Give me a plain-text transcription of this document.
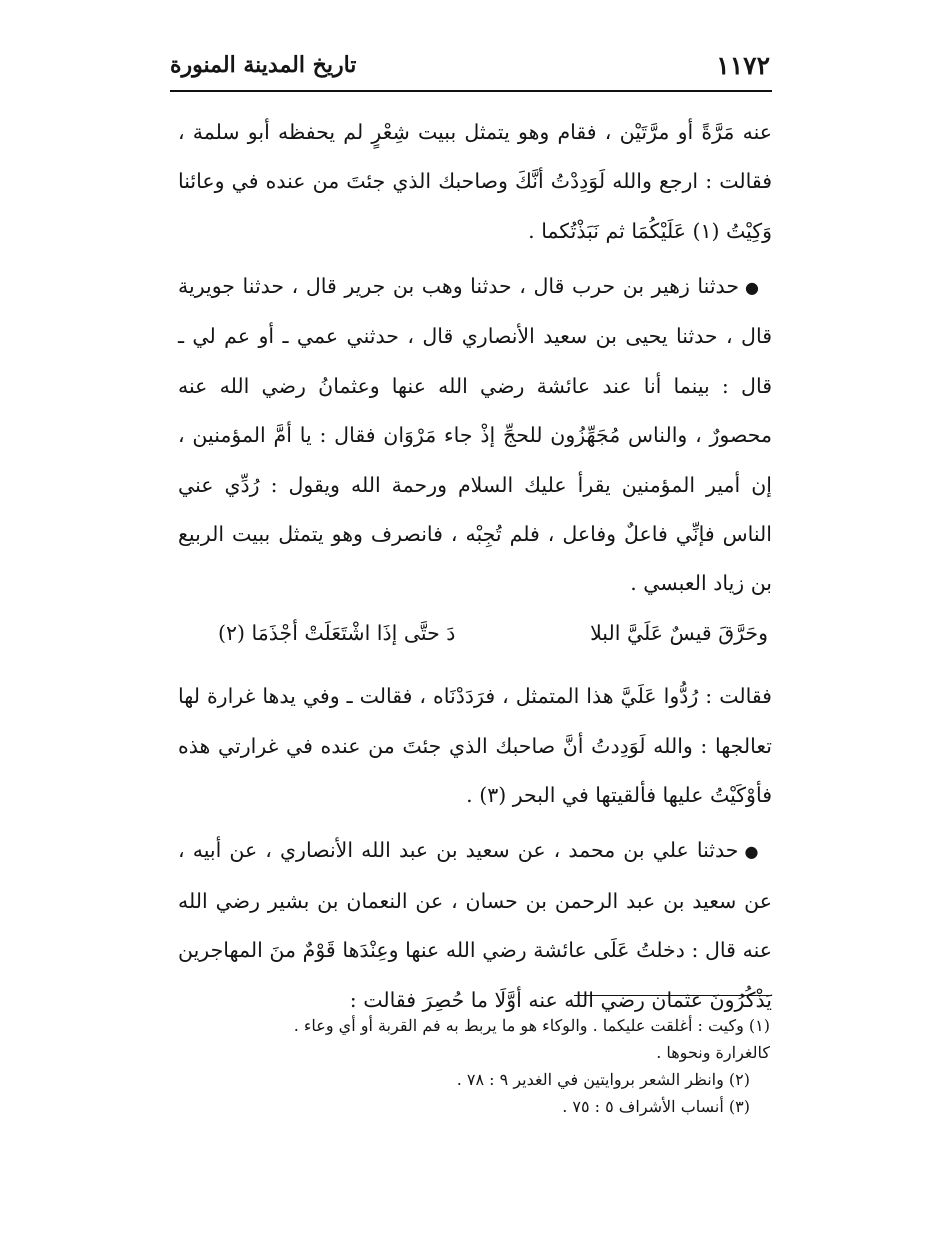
١١٧٢
تاريخ المدينة المنورة

عنه مَرَّةً أو مرَّتَيْن ، فقام وهو يتمثل ببيت شِعْرٍ لم يحفظه أبو سلمة ، فقالت : ارجع والله لَوَدِدْتُ أنَّكَ وصاحبك الذي جئتَ من عنده في وعائنا وَكِيْتُ (١) عَلَيْكُمَا ثم نَبَذْتُكما .

●حدثنا زهير بن حرب قال ، حدثنا وهب بن جرير قال ، حدثنا جويرية قال ، حدثنا يحيى بن سعيد الأنصاري قال ، حدثني عمي ـ أو عم لي ـ قال : بينما أنا عند عائشة رضي الله عنها وعثمانُ رضي الله عنه محصورٌ ، والناس مُجَهِّزُون للحجِّ إذْ جاء مَرْوَان فقال : يا أمَّ المؤمنين ، إن أمير المؤمنين يقرأ عليك السلام ورحمة الله ويقول : رُدِّي عني الناس فإنِّي فاعلٌ وفاعل ، فلم تُجِبْه ، فانصرف وهو يتمثل ببيت الربيع بن زياد العبسي .

وحَرَّقَ قيسٌ عَلَيَّ البلا
دَ حتَّى إذَا اشْتَعَلَتْ أجْذَمَا (٢)

فقالت : رُدُّوا عَلَيَّ هذا المتمثل ، فرَدَدْنَاه ، فقالت ـ وفي يدها غرارة لها تعالجها : والله لَوَدِدتُ أنَّ صاحبك الذي جئتَ من عنده في غرارتي هذه فأوْكَيْتُ عليها فألقيتها في البحر (٣) .

●حدثنا علي بن محمد ، عن سعيد بن عبد الله الأنصاري ، عن أبيه ، عن سعيد بن عبد الرحمن بن حسان ، عن النعمان بن بشير رضي الله عنه قال : دخلتُ عَلَى عائشة رضي الله عنها وعِنْدَها قَوْمٌ منَ المهاجرين يَذْكُرُونَ عثمان رضي الله عنه أوَّلَا ما حُصِرَ فقالت :

(١) وكيت : أغلقت عليكما . والوكاء هو ما يربط به فم القربة أو أي وعاء .

كالغرارة ونحوها .

(٢) وانظر الشعر بروايتين في الغدير ٩ : ٧٨ .

(٣) أنساب الأشراف ٥ : ٧٥ .
